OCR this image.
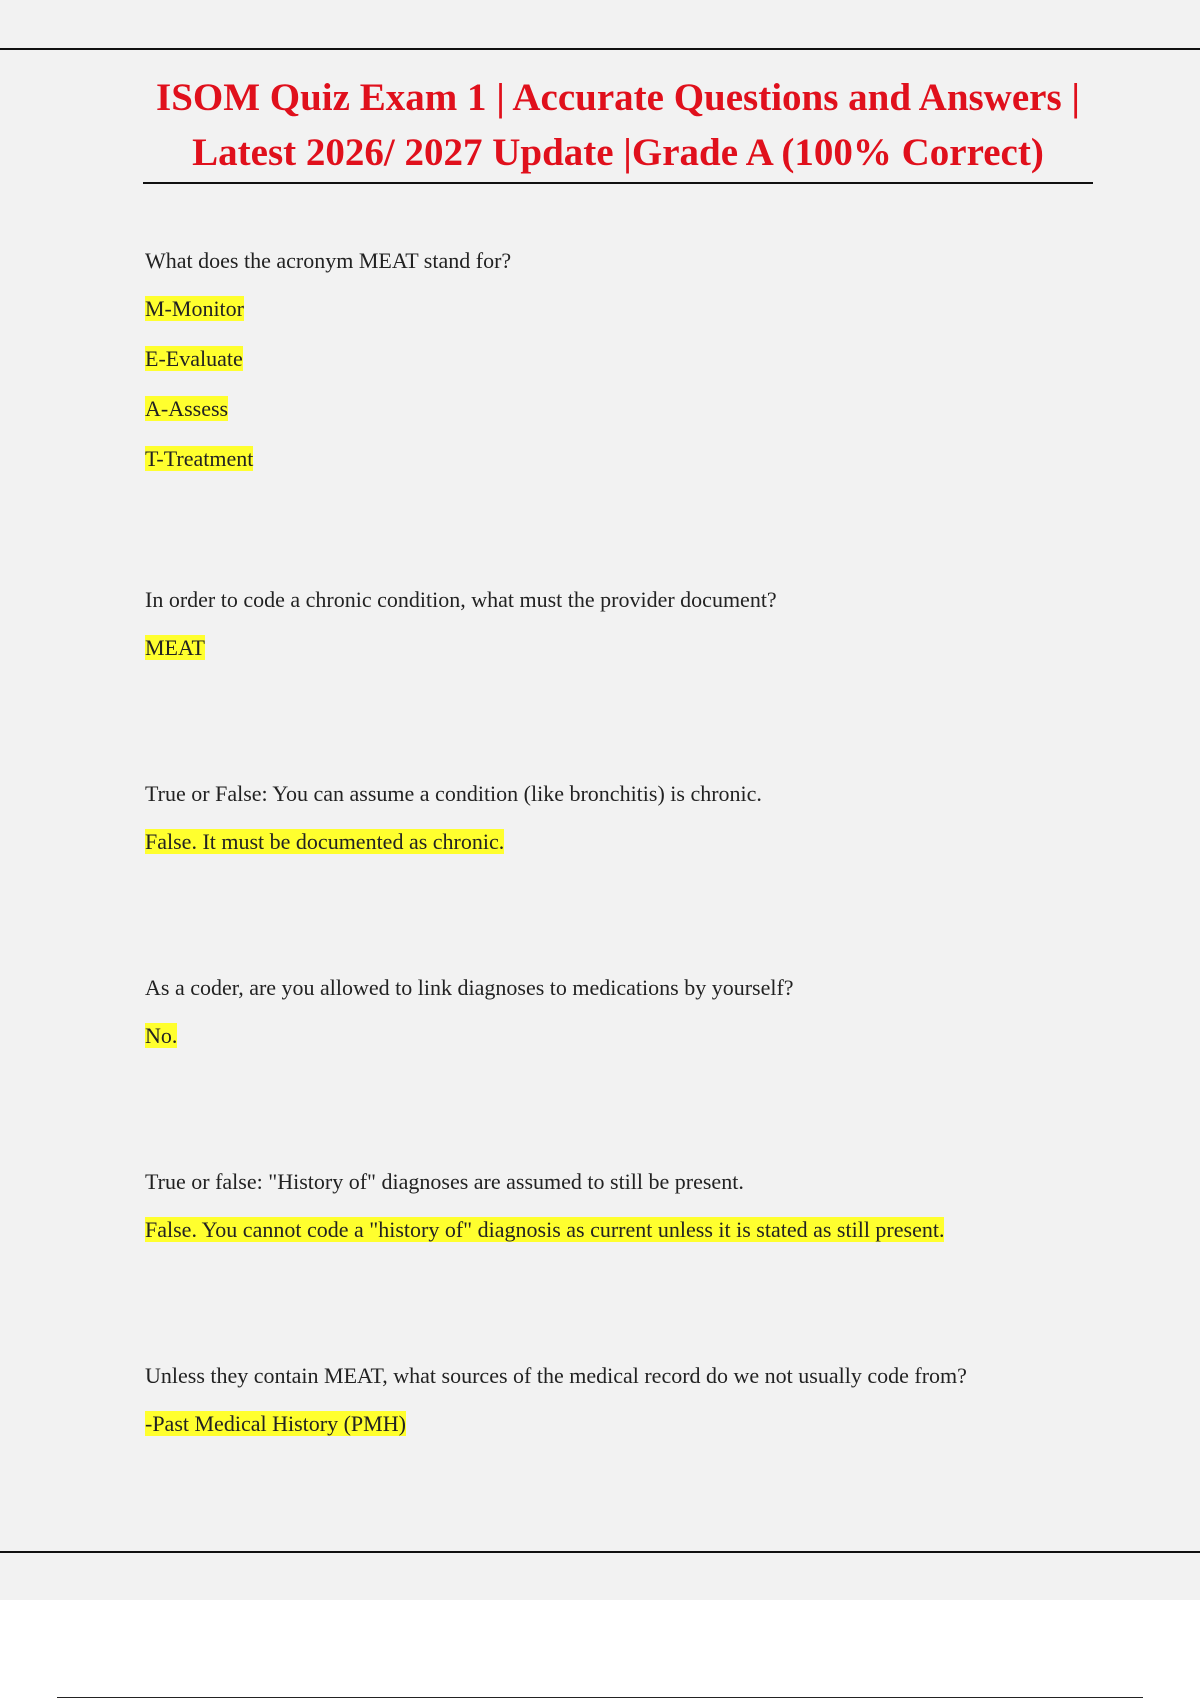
ISOM Quiz Exam 1 | Accurate Questions and Answers | Latest 2026/ 2027 Update |Grade A (100% Correct)

What does the acronym MEAT stand for?

M-Monitor
E-Evaluate
A-Assess
T-Treatment

In order to code a chronic condition, what must the provider document?

MEAT

True or False: You can assume a condition (like bronchitis) is chronic.

False. It must be documented as chronic.

As a coder, are you allowed to link diagnoses to medications by yourself?

No.

True or false: "History of" diagnoses are assumed to still be present.

False. You cannot code a "history of" diagnosis as current unless it is stated as still present.

Unless they contain MEAT, what sources of the medical record do we not usually code from?

-Past Medical History (PMH)
